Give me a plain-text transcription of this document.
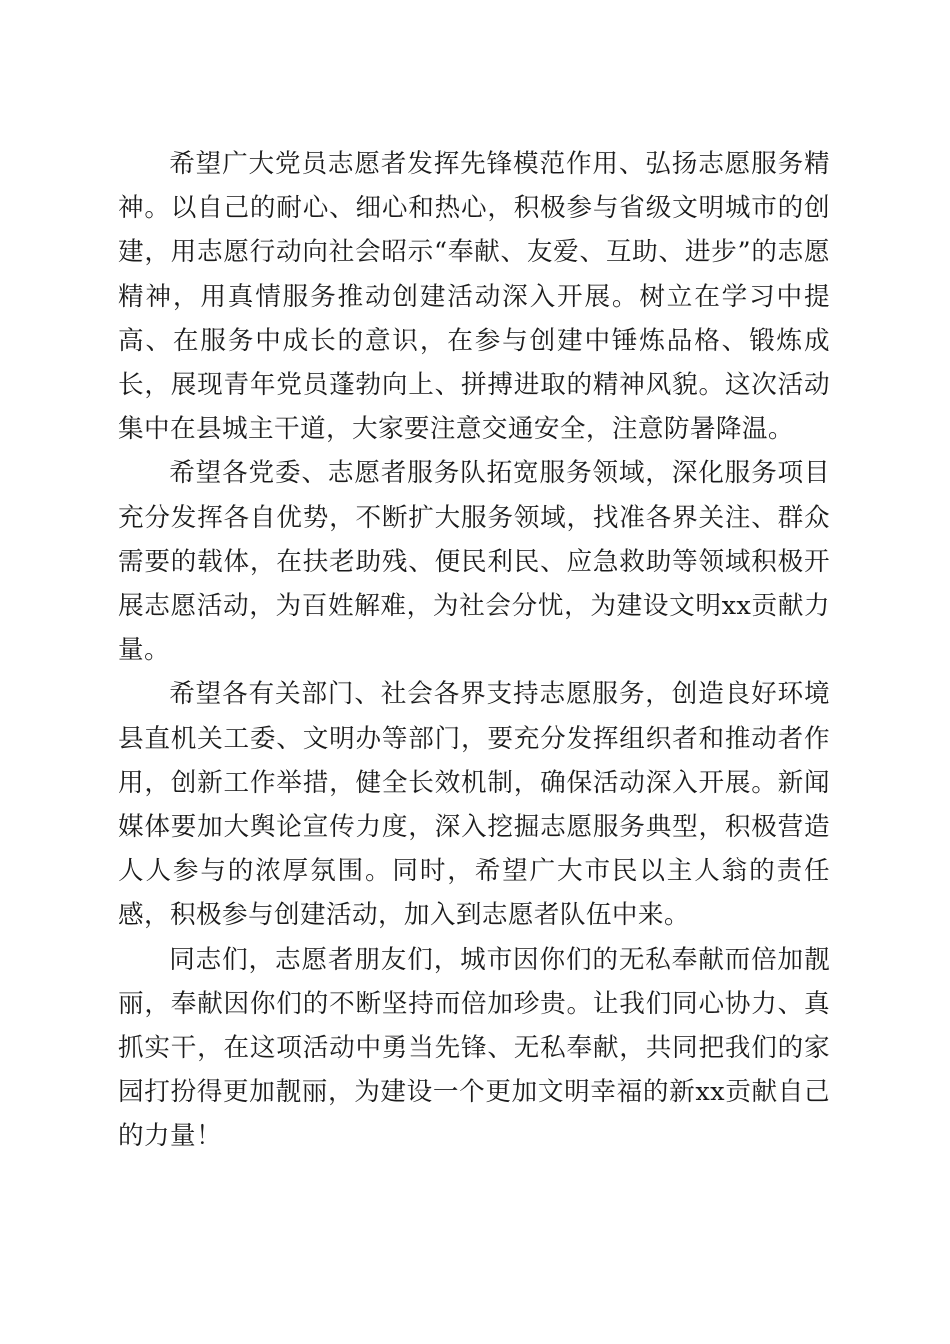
希望广大党员志愿者发挥先锋模范作用、弘扬志愿服务精神。以自己的耐心、细心和热心，积极参与省级文明城市的创建，用志愿行动向社会昭示“奉献、友爱、互助、进步”的志愿精神，用真情服务推动创建活动深入开展。树立在学习中提高、在服务中成长的意识，在参与创建中锤炼品格、锻炼成长，展现青年党员蓬勃向上、拼搏进取的精神风貌。这次活动集中在县城主干道，大家要注意交通安全，注意防暑降温。

希望各党委、志愿者服务队拓宽服务领域，深化服务项目充分发挥各自优势，不断扩大服务领域，找准各界关注、群众需要的载体，在扶老助残、便民利民、应急救助等领域积极开展志愿活动，为百姓解难，为社会分忧，为建设文明xx贡献力量。

希望各有关部门、社会各界支持志愿服务，创造良好环境县直机关工委、文明办等部门，要充分发挥组织者和推动者作用，创新工作举措，健全长效机制，确保活动深入开展。新闻媒体要加大舆论宣传力度，深入挖掘志愿服务典型，积极营造人人参与的浓厚氛围。同时，希望广大市民以主人翁的责任感，积极参与创建活动，加入到志愿者队伍中来。

同志们，志愿者朋友们，城市因你们的无私奉献而倍加靓丽，奉献因你们的不断坚持而倍加珍贵。让我们同心协力、真抓实干，在这项活动中勇当先锋、无私奉献，共同把我们的家园打扮得更加靓丽，为建设一个更加文明幸福的新xx贡献自己的力量！
